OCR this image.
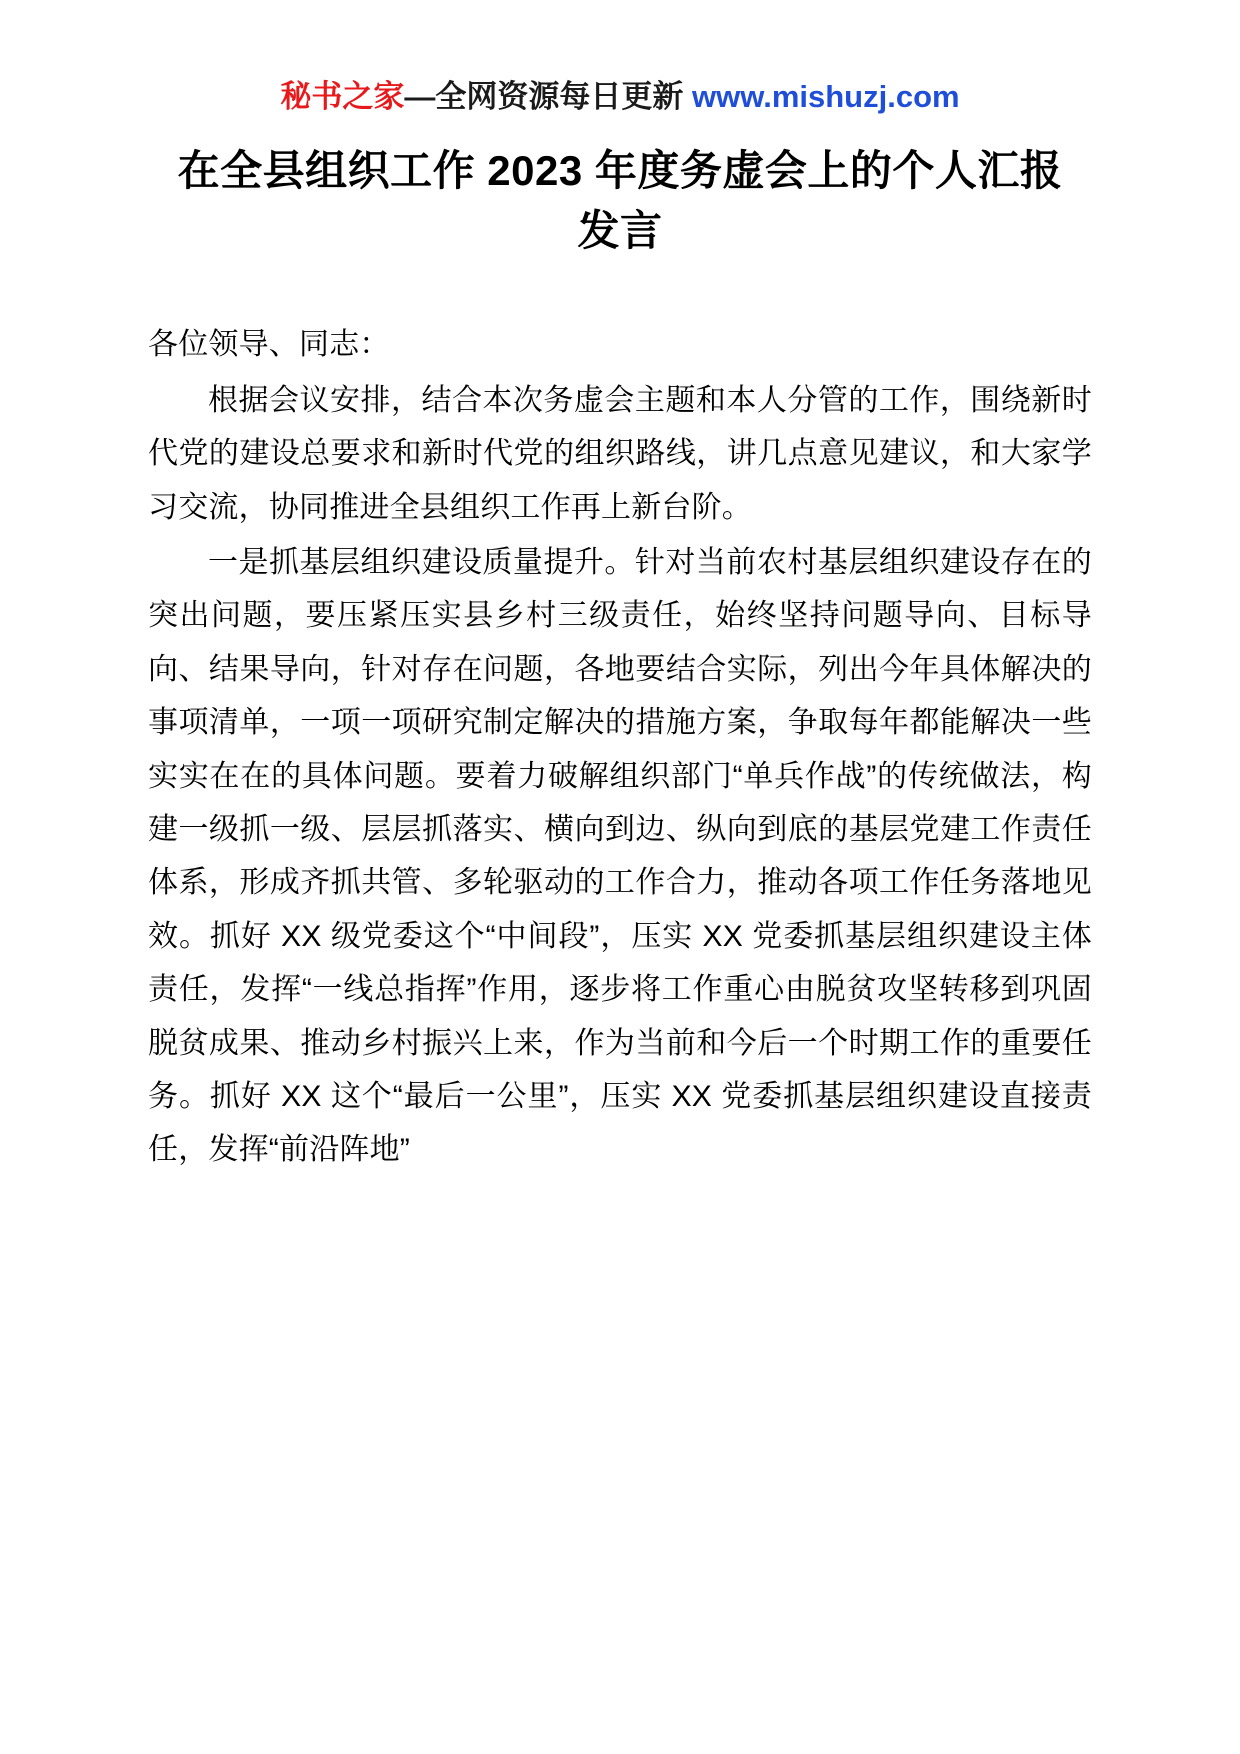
秘书之家—全网资源每日更新 www.mishuzj.com
在全县组织工作 2023 年度务虚会上的个人汇报发言

各位领导、同志：

根据会议安排，结合本次务虚会主题和本人分管的工作，围绕新时代党的建设总要求和新时代党的组织路线，讲几点意见建议，和大家学习交流，协同推进全县组织工作再上新台阶。

一是抓基层组织建设质量提升。针对当前农村基层组织建设存在的突出问题，要压紧压实县乡村三级责任，始终坚持问题导向、目标导向、结果导向，针对存在问题，各地要结合实际，列出今年具体解决的事项清单，一项一项研究制定解决的措施方案，争取每年都能解决一些实实在在的具体问题。要着力破解组织部门“单兵作战”的传统做法，构建一级抓一级、层层抓落实、横向到边、纵向到底的基层党建工作责任体系，形成齐抓共管、多轮驱动的工作合力，推动各项工作任务落地见效。抓好 XX 级党委这个“中间段”，压实 XX 党委抓基层组织建设主体责任，发挥“一线总指挥”作用，逐步将工作重心由脱贫攻坚转移到巩固脱贫成果、推动乡村振兴上来，作为当前和今后一个时期工作的重要任务。抓好 XX 这个“最后一公里”，压实 XX 党委抓基层组织建设直接责任，发挥“前沿阵地”
